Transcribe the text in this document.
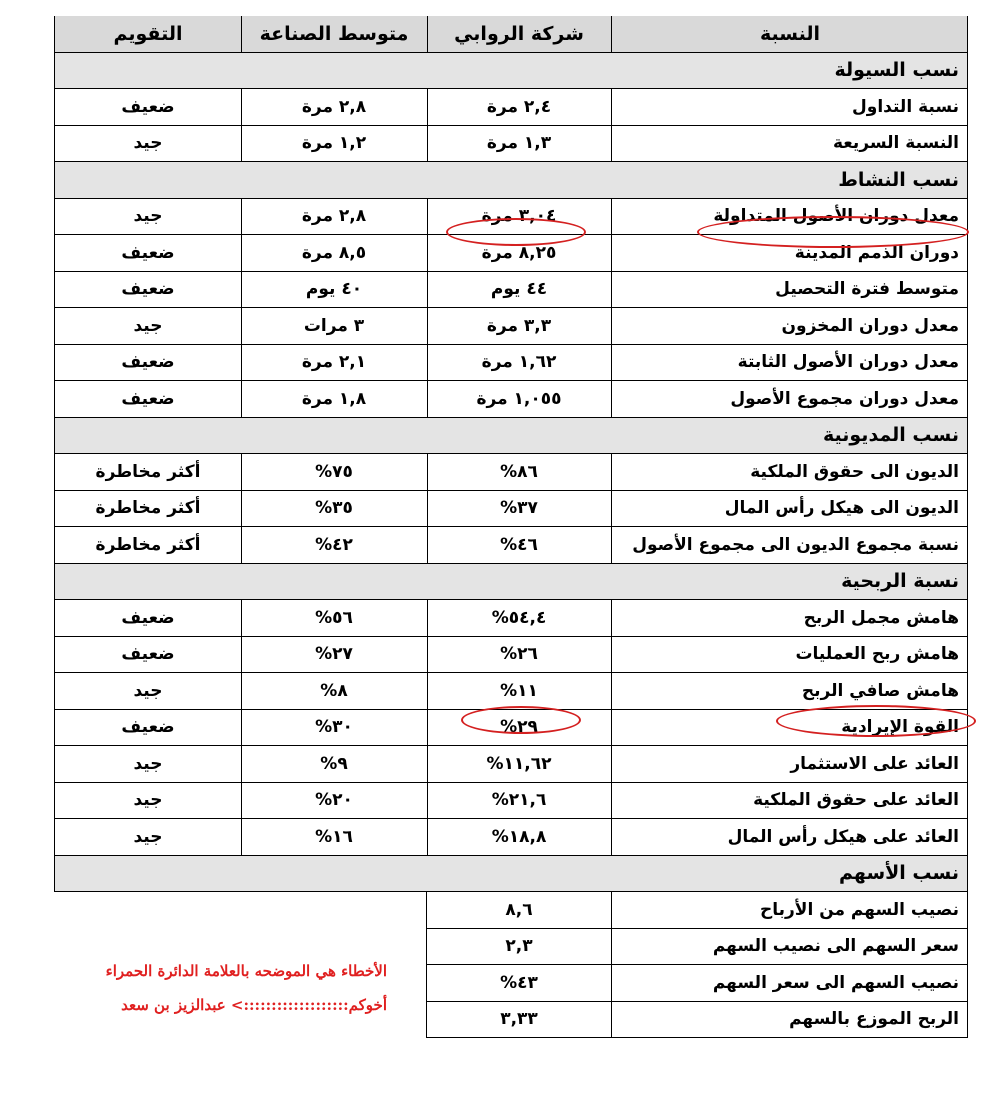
النسبة
شركة الروابي
متوسط الصناعة
التقويم
نسب السيولة
نسبة التداول
٢,٤ مرة
٢,٨ مرة
ضعيف
النسبة السريعة
١,٣ مرة
١,٢ مرة
جيد
نسب النشاط
معدل دوران الأصول المتداولة
٣,٠٤ مرة
٢,٨ مرة
جيد
دوران الذمم المدينة
٨,٢٥ مرة
٨,٥ مرة
ضعيف
متوسط فترة التحصيل
٤٤ يوم
٤٠ يوم
ضعيف
معدل دوران المخزون
٣,٣ مرة
٣ مرات
جيد
معدل دوران الأصول الثابتة
١,٦٢ مرة
٢,١ مرة
ضعيف
معدل دوران مجموع الأصول
١,٠٥٥ مرة
١,٨ مرة
ضعيف
نسب المديونية
الديون الى حقوق الملكية
٨٦%
٧٥%
أكثر مخاطرة
الديون الى هيكل رأس المال
٣٧%
٣٥%
أكثر مخاطرة
نسبة مجموع الديون الى مجموع الأصول
٤٦%
٤٢%
أكثر مخاطرة
نسبة الربحية
هامش مجمل الربح
٥٤,٤%
٥٦%
ضعيف
هامش ربح العمليات
٢٦%
٢٧%
ضعيف
هامش صافي الربح
١١%
٨%
جيد
القوة الإيرادية
٢٩%
٣٠%
ضعيف
العائد على الاستثمار
١١,٦٢%
٩%
جيد
العائد على حقوق الملكية
٢١,٦%
٢٠%
جيد
العائد على هيكل رأس المال
١٨,٨%
١٦%
جيد
نسب الأسهم
نصيب السهم من الأرباح
٨,٦
سعر السهم الى نصيب السهم
٢,٣
نصيب السهم الى سعر السهم
٤٣%
الربح الموزع بالسهم
٣,٣٣
الأخطاء هي الموضحه بالعلامة الدائرة الحمراء
أخوكم:::::::::::::::::::> عبدالزيز بن سعد
